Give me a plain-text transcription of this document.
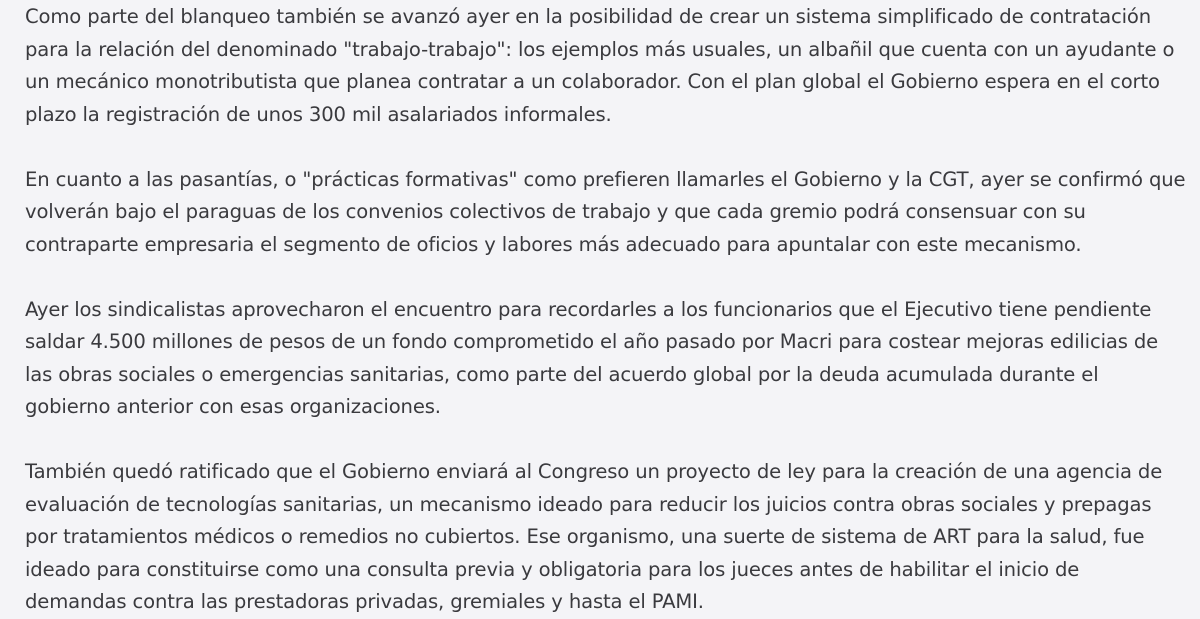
Como parte del blanqueo también se avanzó ayer en la posibilidad de crear un sistema simplificado de contratación
para la relación del denominado "trabajo-trabajo": los ejemplos más usuales, un albañil que cuenta con un ayudante o
un mecánico monotributista que planea contratar a un colaborador. Con el plan global el Gobierno espera en el corto
plazo la registración de unos 300 mil asalariados informales.

En cuanto a las pasantías, o "prácticas formativas" como prefieren llamarles el Gobierno y la CGT, ayer se confirmó que
volverán bajo el paraguas de los convenios colectivos de trabajo y que cada gremio podrá consensuar con su
contraparte empresaria el segmento de oficios y labores más adecuado para apuntalar con este mecanismo.

Ayer los sindicalistas aprovecharon el encuentro para recordarles a los funcionarios que el Ejecutivo tiene pendiente
saldar 4.500 millones de pesos de un fondo comprometido el año pasado por Macri para costear mejoras edilicias de
las obras sociales o emergencias sanitarias, como parte del acuerdo global por la deuda acumulada durante el
gobierno anterior con esas organizaciones.

También quedó ratificado que el Gobierno enviará al Congreso un proyecto de ley para la creación de una agencia de
evaluación de tecnologías sanitarias, un mecanismo ideado para reducir los juicios contra obras sociales y prepagas
por tratamientos médicos o remedios no cubiertos. Ese organismo, una suerte de sistema de ART para la salud, fue
ideado para constituirse como una consulta previa y obligatoria para los jueces antes de habilitar el inicio de
demandas contra las prestadoras privadas, gremiales y hasta el PAMI.
